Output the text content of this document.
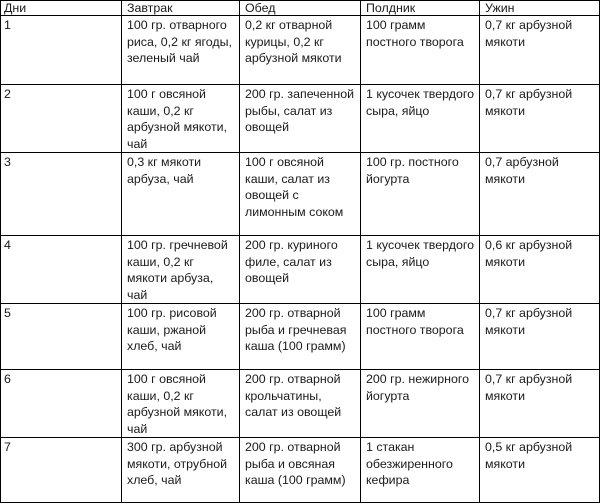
Дни	Завтрак	Обед	Полдник	Ужин
1	100 гр. отварного риса, 0,2 кг ягоды, зеленый чай	0,2 кг отварной курицы, 0,2 кг арбузной мякоти	100 грамм постного творога	0,7 кг арбузной мякоти
2	100 г овсяной каши, 0,2 кг арбузной мякоти, чай	200 гр. запеченной рыбы, салат из овощей	1 кусочек твердого сыра, яйцо	0,7 кг арбузной мякоти
3	0,3 кг мякоти арбуза, чай	100 г овсяной каши, салат из овощей с лимонным соком	100 гр. постного йогурта	0,7 арбузной мякоти
4	100 гр. гречневой каши, 0,2 кг мякоти арбуза, чай	200 гр. куриного филе, салат из овощей	1 кусочек твердого сыра, яйцо	0,6 кг арбузной мякоти
5	100 гр. рисовой каши, ржаной хлеб, чай	200 гр. отварной рыба и гречневая каша (100 грамм)	100 грамм постного творога	0,7 кг арбузной мякоти
6	100 г овсяной каши, 0,2 кг арбузной мякоти, чай	200 гр. отварной крольчатины, салат из овощей	200 гр. нежирного йогурта	0,7 кг арбузной мякоти
7	300 гр. арбузной мякоти, отрубной хлеб, чай	200 гр. отварной рыба и овсяная каша (100 грамм)	1 стакан обезжиренного кефира	0,5 кг арбузной мякоти
